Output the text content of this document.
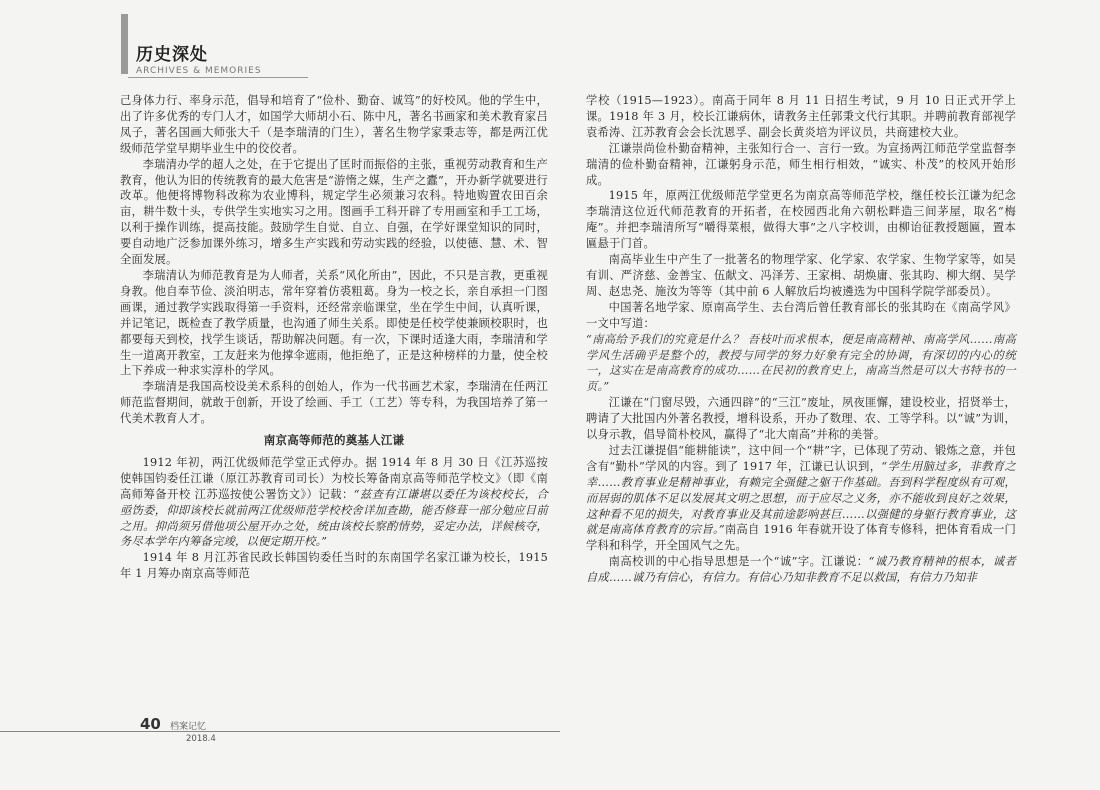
历史深处
ARCHIVES & MEMORIES

己身体力行、率身示范，倡导和培育了“俭朴、勤奋、诚笃”的好校风。他的学生中，出了许多优秀的专门人才，如国学大师胡小石、陈中凡，著名书画家和美术教育家吕凤子，著名国画大师张大千（是李瑞清的门生），著名生物学家秉志等，都是两江优级师范学堂早期毕业生中的佼佼者。

李瑞清办学的超人之处，在于它提出了匡时而振俗的主张，重视劳动教育和生产教育，他认为旧的传统教育的最大危害是“游惰之媒，生产之蠹”，开办新学就要进行改革。他便将博物科改称为农业博科，规定学生必须兼习农科。特地购置农田百余亩，耕牛数十头，专供学生实地实习之用。图画手工科开辟了专用画室和手工工场，以利于操作训练，提高技能。鼓励学生自觉、自立、自强，在学好课堂知识的同时，要自动地广泛参加课外练习，增多生产实践和劳动实践的经验，以使德、慧、术、智全面发展。

李瑞清认为师范教育是为人师者，关系“风化所由”，因此，不只是言教，更重视身教。他自奉节俭、淡泊明志，常年穿着仿裘粗葛。身为一校之长，亲自承担一门图画课，通过教学实践取得第一手资料，还经常亲临课堂，坐在学生中间，认真听课，并记笔记，既检查了教学质量，也沟通了师生关系。即使是任校学使兼顾校职时，也都要每天到校，找学生谈话，帮助解决问题。有一次，下课时适逢大雨，李瑞清和学生一道离开教室，工友赶来为他撑伞遮雨，他拒绝了，正是这种榜样的力量，使全校上下养成一种求实淳朴的学风。

李瑞清是我国高校设美术系科的创始人，作为一代书画艺术家，李瑞清在任两江师范监督期间，就敢于创新，开设了绘画、手工（工艺）等专科，为我国培养了第一代美术教育人才。

南京高等师范的奠基人江谦

1912 年初，两江优级师范学堂正式停办。据 1914 年 8 月 30 日《江苏巡按使韩国钧委任江谦（原江苏教育司司长）为校长筹备南京高等师范学校文》（即《南高师筹备开校 江苏巡按使公署饬文》）记载：“兹查有江谦堪以委任为该校校长，合亟饬委，仰即该校长就前两江优级师范学校校舍详加查勘，能否修葺一部分勉应目前之用。抑尚须另借他项公屋开办之处，统由该校长察酌情势，妥定办法，详候核夺，务尽本学年内筹备完竣，以便定期开校。”

1914 年 8 月江苏省民政长韩国钧委任当时的东南国学名家江谦为校长，1915 年 1 月筹办南京高等师范

学校（1915—1923）。南高于同年 8 月 11 日招生考试，9 月 10 日正式开学上课。1918 年 3 月，校长江谦病休，请教务主任郭秉文代行其职。并聘前教育部视学袁希涛、江苏教育会会长沈恩孚、副会长黄炎培为评议员，共商建校大业。

江谦崇尚俭朴勤奋精神，主张知行合一、言行一致。为宣扬两江师范学堂监督李瑞清的俭朴勤奋精神，江谦躬身示范，师生相行相效，“诚实、朴茂”的校风开始形成。

1915 年，原两江优级师范学堂更名为南京高等师范学校，继任校长江谦为纪念李瑞清这位近代师范教育的开拓者，在校园西北角六朝松畔造三间茅屋，取名“梅庵”。并把李瑞清所写“嚼得菜根，做得大事”之八字校训，由柳诒征教授题匾，置本匾悬于门首。

南高毕业生中产生了一批著名的物理学家、化学家、农学家、生物学家等，如吴有训、严济慈、金善宝、伍献文、冯泽芳、王家楫、胡焕庸、张其昀、柳大纲、吴学周、赵忠尧、施汝为等等（其中前 6 人解放后均被遴选为中国科学院学部委员）。

中国著名地学家、原南高学生、去台湾后曾任教育部长的张其昀在《南高学风》一文中写道：

“南高给予我们的究竟是什么？ 吾枝叶而求根本，便是南高精神、南高学风……南高学风生活确乎是整个的，教授与同学的努力好象有完全的协调，有深切的内心的统一，这实在是南高教育的成功……在民初的教育史上，南高当然是可以大书特书的一页。”

江谦在“门窗尽毁，六通四辟”的“三江”废址，夙夜匪懈，建设校业，招贤举士，聘请了大批国内外著名教授，增科设系，开办了数理、农、工等学科。以“诚”为训，以身示教，倡导简朴校风，赢得了“北大南高”并称的美誉。

过去江谦提倡“能耕能读”，这中间一个“耕”字，已体现了劳动、锻炼之意，并包含有“勤朴”学风的内容。到了 1917 年，江谦已认识到，“学生用脑过多，非教育之幸……教育事业是精神事业，有赖完全强健之躯干作基础。吾到科学程度纵有可观，而居弱的肌体不足以发展其文明之思想，而于应尽之义务，亦不能收到良好之效果，这种看不见的损失，对教育事业及其前途影响甚巨……以强健的身躯行教育事业，这就是南高体育教育的宗旨。”南高自 1916 年春就开设了体育专修科，把体育看成一门学科和科学，开全国风气之先。

南高校训的中心指导思想是一个“诚”字。江谦说：“诚乃教育精神的根本，诚者自成……诚乃有信心，有信力。有信心乃知非教育不足以救国，有信力乃知非

40 档案记忆
2018.4
